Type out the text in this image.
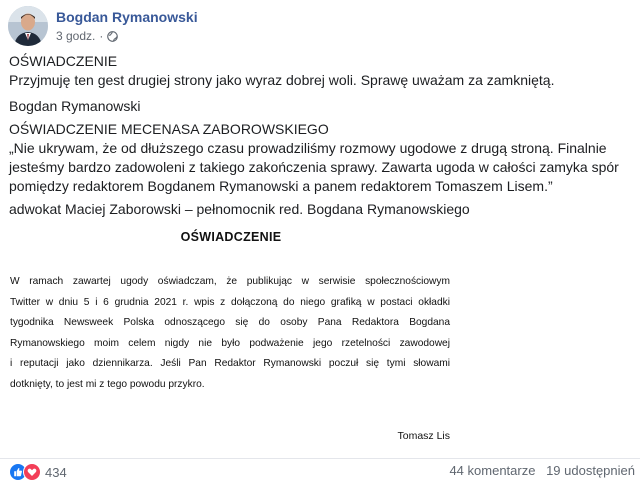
Bogdan Rymanowski
3 godz. ·

OŚWIADCZENIE
Przyjmuję ten gest drugiej strony jako wyraz dobrej woli. Sprawę uważam za zamkniętą.

Bogdan Rymanowski

OŚWIADCZENIE MECENASA ZABOROWSKIEGO
„Nie ukrywam, że od dłuższego czasu prowadziliśmy rozmowy ugodowe z drugą stroną. Finalnie jesteśmy bardzo zadowoleni z takiego zakończenia sprawy. Zawarta ugoda w całości zamyka spór pomiędzy redaktorem Bogdanem Rymanowski a panem redaktorem Tomaszem Lisem.”

adwokat Maciej Zaborowski – pełnomocnik red. Bogdana Rymanowskiego

OŚWIADCZENIE
W ramach zawartej ugody oświadczam, że publikując w serwisie społecznościowym
Twitter w dniu 5 i 6 grudnia 2021 r. wpis z dołączoną do niego grafiką w postaci okładki
tygodnika Newsweek Polska odnoszącego się do osoby Pana Redaktora Bogdana
Rymanowskiego moim celem nigdy nie było podważenie jego rzetelności zawodowej
i reputacji jako dziennikarza. Jeśli Pan Redaktor Rymanowski poczuł się tymi słowami
dotknięty, to jest mi z tego powodu przykro.
Tomasz Lis
434	44 komentarze 19 udostępnień
